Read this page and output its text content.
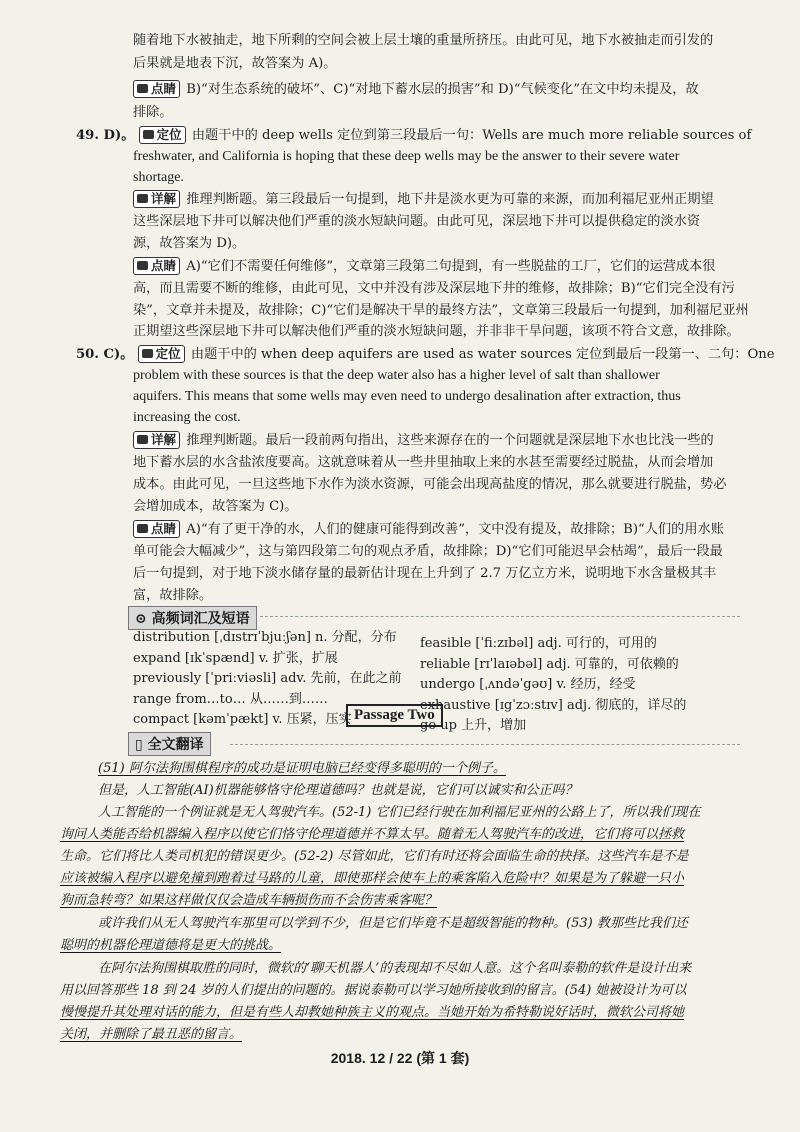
随着地下水被抽走，地下所剩的空间会被上层土壤的重量所挤压。由此可见，地下水被抽走而引发的

后果就是地表下沉，故答案为 A)。

点睛 B)“对生态系统的破坏”、C)“对地下蓄水层的损害”和 D)“气候变化”在文中均未提及，故

排除。

49. D)。 定位 由题干中的 deep wells 定位到第三段最后一句：Wells are much more reliable sources of

freshwater, and California is hoping that these deep wells may be the answer to their severe water

shortage.

详解 推理判断题。第三段最后一句提到，地下井是淡水更为可靠的来源，而加利福尼亚州正期望

这些深层地下井可以解决他们严重的淡水短缺问题。由此可见，深层地下井可以提供稳定的淡水资

源，故答案为 D)。

点睛 A)“它们不需要任何维修”，文章第三段第二句提到，有一些脱盐的工厂，它们的运营成本很

高，而且需要不断的维修，由此可见，文中并没有涉及深层地下井的维修，故排除；B)“它们完全没有污

染”，文章并未提及，故排除；C)“它们是解决干旱的最终方法”，文章第三段最后一句提到，加利福尼亚州

正期望这些深层地下井可以解决他们严重的淡水短缺问题，并非非干旱问题，该项不符合文意，故排除。

50. C)。 定位 由题干中的 when deep aquifers are used as water sources 定位到最后一段第一、二句：One

problem with these sources is that the deep water also has a higher level of salt than shallower

aquifers. This means that some wells may even need to undergo desalination after extraction, thus

increasing the cost.

详解 推理判断题。最后一段前两句指出，这些来源存在的一个问题就是深层地下水也比浅一些的

地下蓄水层的水含盐浓度要高。这就意味着从一些井里抽取上来的水甚至需要经过脱盐，从而会增加

成本。由此可见，一旦这些地下水作为淡水资源，可能会出现高盐度的情况，那么就要进行脱盐，势必

会增加成本，故答案为 C)。

点睛 A)“有了更干净的水，人们的健康可能得到改善”，文中没有提及，故排除；B)“人们的用水账

单可能会大幅减少”，这与第四段第二句的观点矛盾，故排除；D)“它们可能迟早会枯竭”，最后一段最

后一句提到，对于地下淡水储存量的最新估计现在上升到了 2.7 万亿立方米，说明地下水含量极其丰

富，故排除。

⊙ 高频词汇及短语
distribution [ˌdɪstrɪˈbjuːʃən] n. 分配，分布
expand [ɪkˈspænd] v. 扩张，扩展
previously [ˈpriːviəsli] adv. 先前，在此之前
range from…to… 从……到……
compact [kəmˈpækt] v. 压紧，压实
feasible [ˈfiːzɪbəl] adj. 可行的，可用的
reliable [rɪˈlaɪəbəl] adj. 可靠的，可依赖的
undergo [ˌʌndəˈgəʊ] v. 经历，经受
exhaustive [ɪgˈzɔːstɪv] adj. 彻底的，详尽的
go up 上升，增加
Passage Two
▯ 全文翻译

(51) 阿尔法狗围棋程序的成功是证明电脑已经变得多聪明的一个例子。

但是，人工智能(AI)机器能够恪守伦理道德吗？也就是说，它们可以诚实和公正吗？

人工智能的一个例证就是无人驾驶汽车。(52-1) 它们已经行驶在加利福尼亚州的公路上了，所以我们现在

询问人类能否给机器编入程序以使它们恪守伦理道德并不算太早。随着无人驾驶汽车的改进，它们将可以拯救

生命。它们将比人类司机犯的错误更少。(52-2) 尽管如此，它们有时还将会面临生命的抉择。这些汽车是不是

应该被编入程序以避免撞到跑着过马路的儿童，即使那样会使车上的乘客陷入危险中？如果是为了躲避一只小

狗而急转弯？如果这样做仅仅会造成车辆损伤而不会伤害乘客呢？

或许我们从无人驾驶汽车那里可以学到不少，但是它们毕竟不是超级智能的物种。(53) 教那些比我们还

聪明的机器伦理道德将是更大的挑战。

在阿尔法狗围棋取胜的同时，微软的‘聊天机器人’的表现却不尽如人意。这个名叫泰勒的软件是设计出来

用以回答那些 18 到 24 岁的人们提出的问题的。据说泰勒可以学习她所接收到的留言。(54) 她被设计为可以

慢慢提升其处理对话的能力，但是有些人却教她种族主义的观点。当她开始为希特勒说好话时，微软公司将她

关闭，并删除了最丑恶的留言。

2018. 12 / 22 (第 1 套)
